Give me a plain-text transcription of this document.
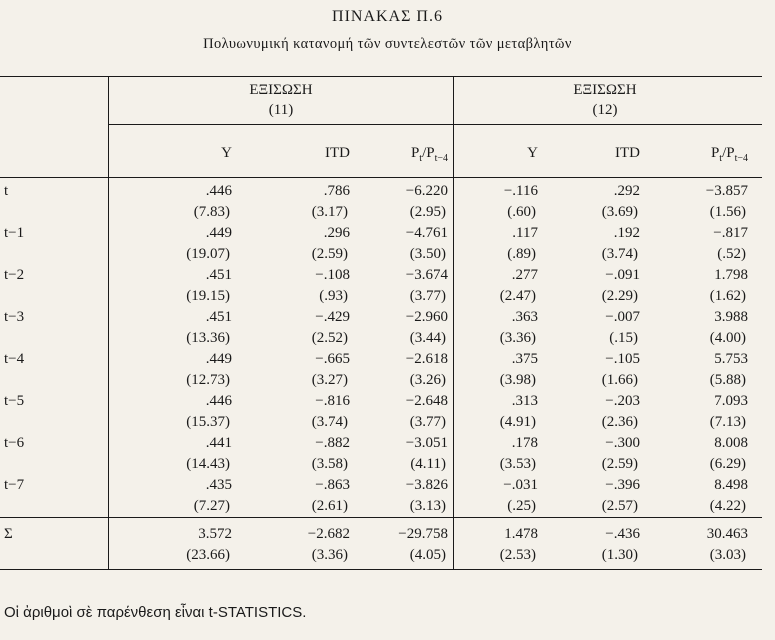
ΠΙΝΑΚΑΣ Π.6
Πολυωνυμική κατανομή τῶν συντελεστῶν τῶν μεταβλητῶν
ΕΞΙΣΩΣΗ
(11)
ΕΞΙΣΩΣΗ
(12)
Y	ITD	$P_t/P_{t-4}$	Y	ITD	$P_t/P_{t-4}$
t	.446	.786	−6.220	−.116	.292	−3.857
(7.83)	(3.17)	(2.95)	(.60)	(3.69)	(1.56)
t−1	.449	.296	−4.761	.117	.192	−.817
(19.07)	(2.59)	(3.50)	(.89)	(3.74)	(.52)
t−2	.451	−.108	−3.674	.277	−.091	1.798
(19.15)	(.93)	(3.77)	(2.47)	(2.29)	(1.62)
t−3	.451	−.429	−2.960	.363	−.007	3.988
(13.36)	(2.52)	(3.44)	(3.36)	(.15)	(4.00)
t−4	.449	−.665	−2.618	.375	−.105	5.753
(12.73)	(3.27)	(3.26)	(3.98)	(1.66)	(5.88)
t−5	.446	−.816	−2.648	.313	−.203	7.093
(15.37)	(3.74)	(3.77)	(4.91)	(2.36)	(7.13)
t−6	.441	−.882	−3.051	.178	−.300	8.008
(14.43)	(3.58)	(4.11)	(3.53)	(2.59)	(6.29)
t−7	.435	−.863	−3.826	−.031	−.396	8.498
(7.27)	(2.61)	(3.13)	(.25)	(2.57)	(4.22)
Σ	3.572	−2.682	−29.758	1.478	−.436	30.463
(23.66)	(3.36)	(4.05)	(2.53)	(1.30)	(3.03)
Οἱ ἀριθμοὶ σὲ παρένθεση εἶναι t-STATISTICS.
